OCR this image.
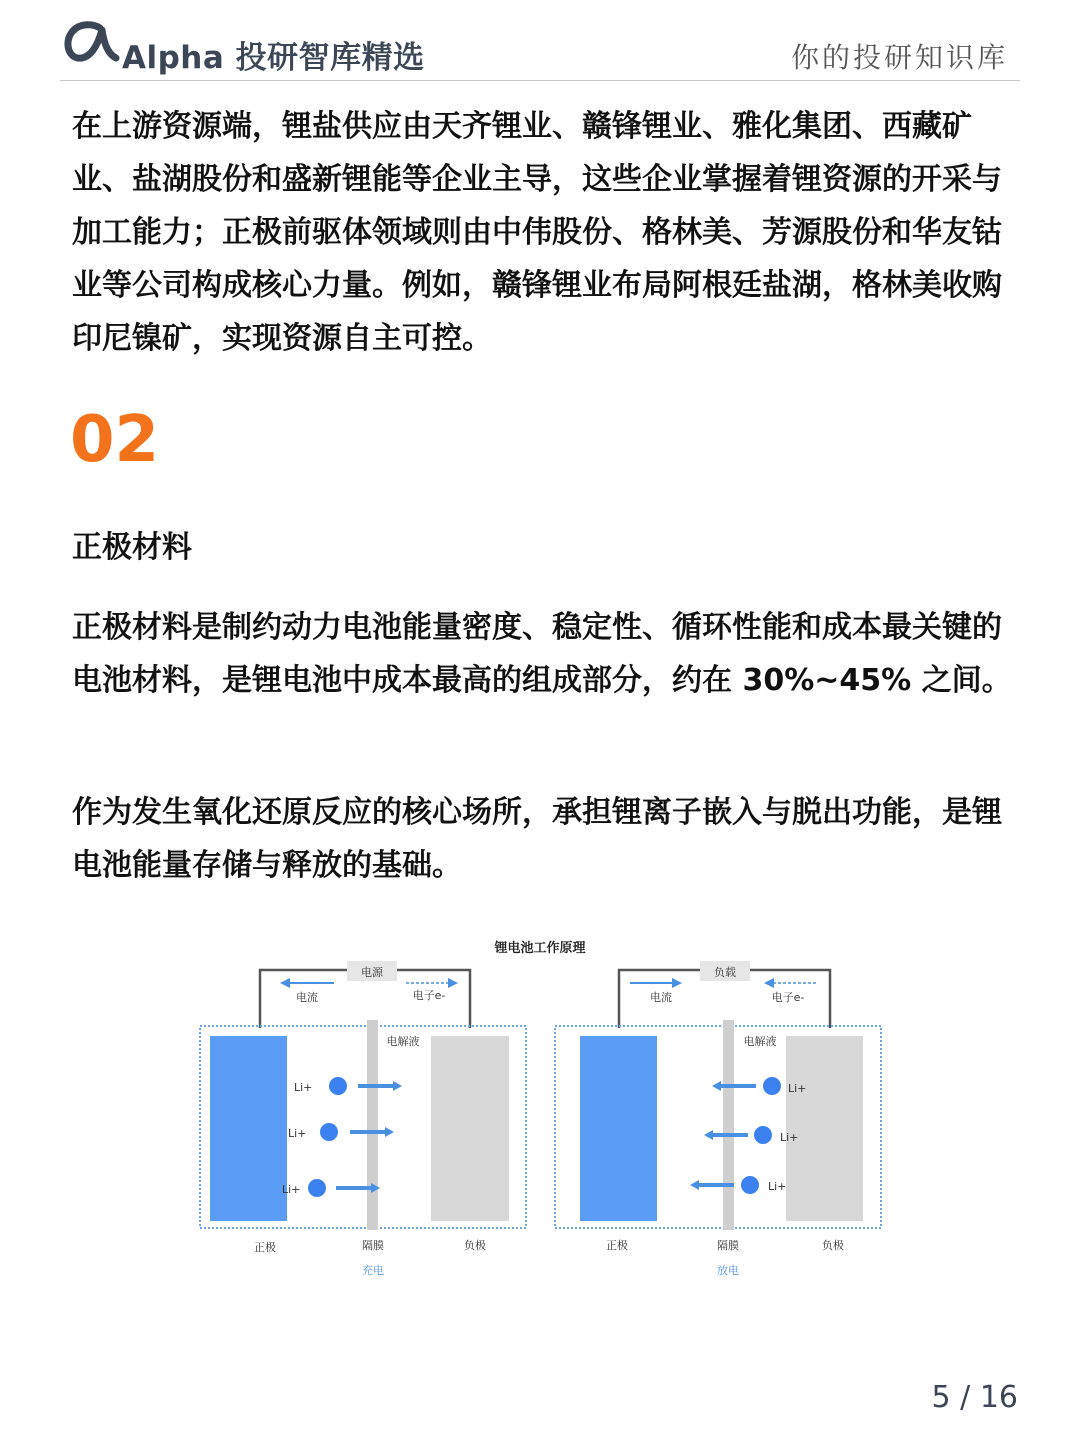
Alpha 投研智库精选	你的投研知识库

在上游资源端，锂盐供应由天齐锂业、赣锋锂业、雅化集团、西藏矿业、盐湖股份和盛新锂能等企业主导，这些企业掌握着锂资源的开采与加工能力；正极前驱体领域则由中伟股份、格林美、芳源股份和华友钴业等公司构成核心力量。例如，赣锋锂业布局阿根廷盐湖，格林美收购印尼镍矿，实现资源自主可控。

02
正极材料

正极材料是制约动力电池能量密度、稳定性、循环性能和成本最关键的电池材料，是锂电池中成本最高的组成部分，约在 30%~45% 之间。

作为发生氧化还原反应的核心场所，承担锂离子嵌入与脱出功能，是锂电池能量存储与释放的基础。

锂电池工作原理
电源
电流	电子e-
电解液
Li+
Li+
Li+
正极	隔膜	负极
充电
负载
电流	电子e-
电解液
Li+
Li+
Li+
正极	隔膜	负极
放电
5 / 16
